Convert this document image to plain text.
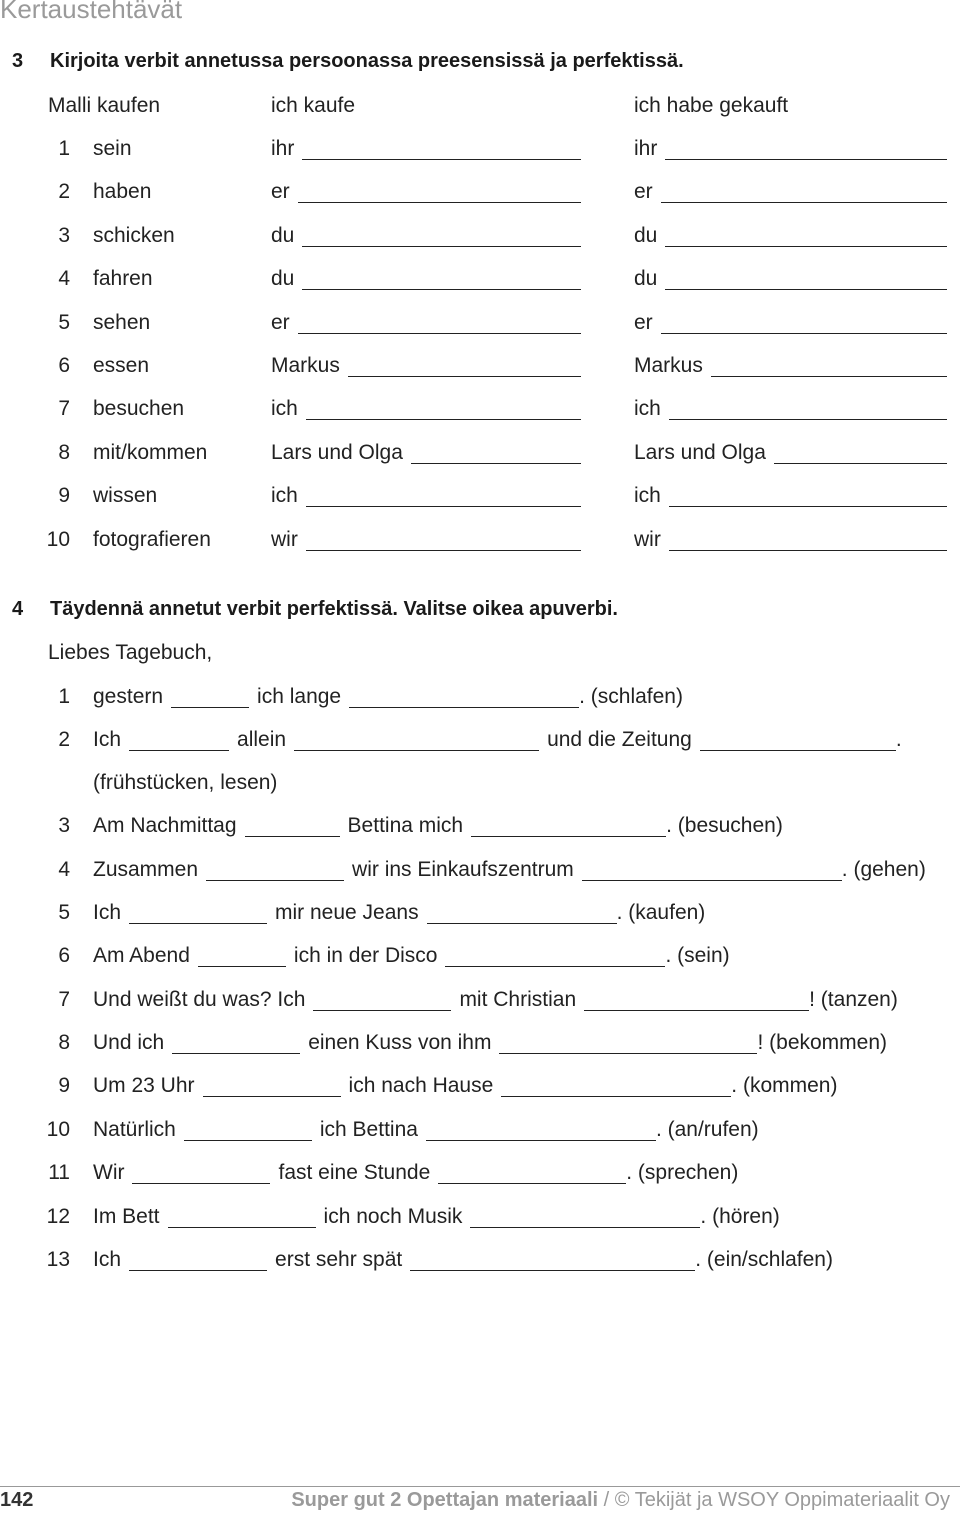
Kertaustehtävät
3 Kirjoita verbit annetussa persoonassa preesensissä ja perfektissä.
Malli kaufen	ich kaufe	ich habe gekauft
1 sein	ihr	ihr
2 haben	er	er
3 schicken	du	du
4 fahren	du	du
5 sehen	er	er
6 essen	Markus	Markus
7 besuchen	ich	ich
8 mit/kommen	Lars und Olga	Lars und Olga
9 wissen	ich	ich
10 fotografieren	wir	wir
4 Täydennä annetut verbit perfektissä. Valitse oikea apuverbi.
Liebes Tagebuch,
1 gestern	ich lange	. (schlafen)
2 Ich	allein	und die Zeitung	.
(frühstücken, lesen)
3 Am Nachmittag	Bettina mich	. (besuchen)
4 Zusammen	wir ins Einkaufszentrum	. (gehen)
5 Ich	mir neue Jeans	. (kaufen)
6 Am Abend	ich in der Disco	. (sein)
7 Und weißt du was? Ich	mit Christian	! (tanzen)
8 Und ich	einen Kuss von ihm	! (bekommen)
9 Um 23 Uhr	ich nach Hause	. (kommen)
10 Natürlich	ich Bettina	. (an/rufen)
11 Wir	fast eine Stunde	. (sprechen)
12 Im Bett	ich noch Musik	. (hören)
13 Ich	erst sehr spät	. (ein/schlafen)
142	Super gut 2 Opettajan materiaali / © Tekijät ja WSOY Oppimateriaalit Oy
